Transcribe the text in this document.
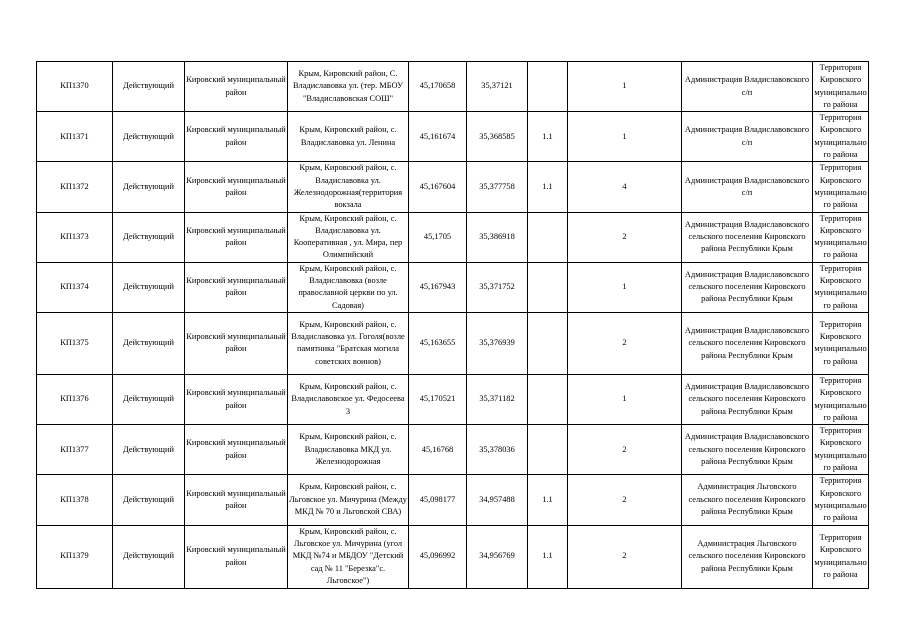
КП1370	Действующий	Кировский муниципальный район	Крым, Кировский район, С. Владиславовка ул. (тер. МБОУ "Владиславовская СОШ"	45,170658	35,37121		1	Администрация Владиславовского с/п	Территория Кировского муниципального района
КП1371	Действующий	Кировский муниципальный район	Крым, Кировский район, с. Владиславовка ул. Ленина	45,161674	35,368585	1.1	1	Администрация Владиславовского с/п	Территория Кировского муниципального района
КП1372	Действующий	Кировский муниципальный район	Крым, Кировский район, с. Владиславовка ул. Железнодорожная(территория вокзала	45,167604	35,377758	1.1	4	Администрация Владиславовского с/п	Территория Кировского муниципального района
КП1373	Действующий	Кировский муниципальный район	Крым, Кировский район, с. Владиславовка ул. Кооперативная , ул. Мира, пер Олимпийский	45,1705	35,386918		2	Администрация Владиславовского сельского поселения Кировского района Республики Крым	Территория Кировского муниципального района
КП1374	Действующий	Кировский муниципальный район	Крым, Кировский район, с. Владиславовка (возле православной церкви по ул. Садовая)	45,167943	35,371752		1	Администрация Владиславовского сельского поселения Кировского района Республики Крым	Территория Кировского муниципального района
КП1375	Действующий	Кировский муниципальный район	Крым, Кировский район, с. Владиславовка ул. Гоголя(возле памятника "Братская могила советских воинов)	45,163655	35,376939		2	Администрация Владиславовского сельского поселения Кировского района Республики Крым	Территория Кировского муниципального района
КП1376	Действующий	Кировский муниципальный район	Крым, Кировский район, с. Владиславовское ул. Федосеева 3	45,170521	35,371182		1	Администрация Владиславовского сельского поселения Кировского района Республики Крым	Территория Кировского муниципального района
КП1377	Действующий	Кировский муниципальный район	Крым, Кировский район, с. Владиславовка МКД ул. Железнодорожная	45,16768	35,378036		2	Администрация Владиславовского сельского поселения Кировского района Республики Крым	Территория Кировского муниципального района
КП1378	Действующий	Кировский муниципальный район	Крым, Кировский район, с. Льговское ул. Мичурина (Между МКД № 70 и Льговской СВА)	45,098177	34,957488	1.1	2	Администрация Льговского сельского поселения Кировского района Республики Крым	Территория Кировского муниципального района
КП1379	Действующий	Кировский муниципальный район	Крым, Кировский район, с. Льговское ул. Мичурина (угол МКД №74 и МБДОУ "Детский сад № 11 "Березка"с. Льговское")	45,096992	34,956769	1.1	2	Администрация Льговского сельского поселения Кировского района Республики Крым	Территория Кировского муниципального района
